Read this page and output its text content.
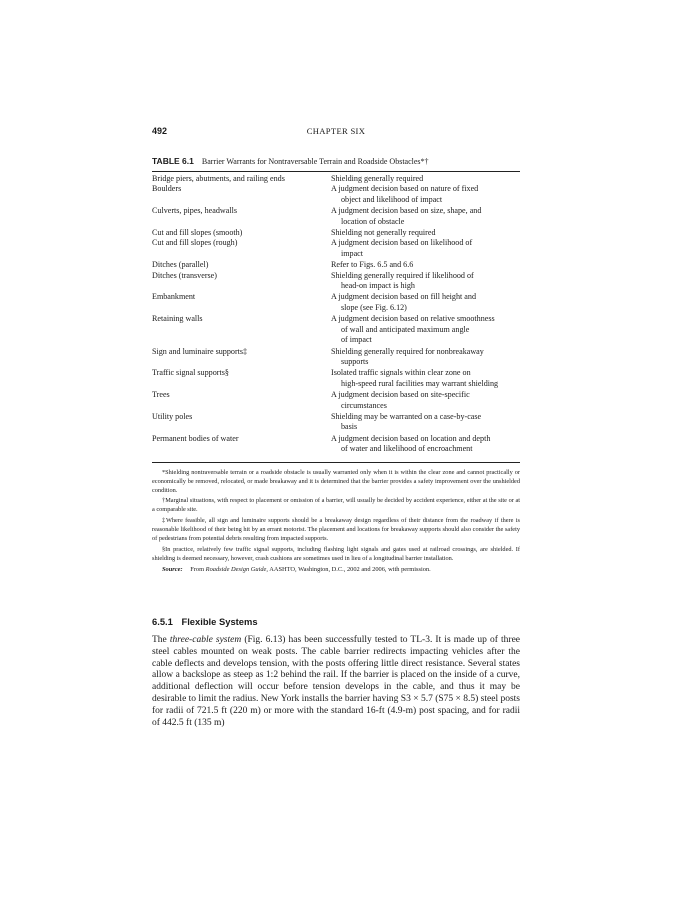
492	CHAPTER SIX
TABLE 6.1 Barrier Warrants for Nontraversable Terrain and Roadside Obstacles*†
Bridge piers, abutments, and railing ends	Shielding generally required

Boulders	A judgment decision based on nature of fixed
object and likelihood of impact

Culverts, pipes, headwalls	A judgment decision based on size, shape, and
location of obstacle

Cut and fill slopes (smooth)	Shielding not generally required

Cut and fill slopes (rough)	A judgment decision based on likelihood of
impact

Ditches (parallel)	Refer to Figs. 6.5 and 6.6

Ditches (transverse)	Shielding generally required if likelihood of
head-on impact is high

Embankment	A judgment decision based on fill height and
slope (see Fig. 6.12)

Retaining walls	A judgment decision based on relative smoothness
of wall and anticipated maximum angle
of impact

Sign and luminaire supports‡	Shielding generally required for nonbreakaway
supports

Traffic signal supports§	Isolated traffic signals within clear zone on
high-speed rural facilities may warrant shielding

Trees	A judgment decision based on site-specific
circumstances

Utility poles	Shielding may be warranted on a case-by-case
basis

Permanent bodies of water	A judgment decision based on location and depth
of water and likelihood of encroachment

*Shielding nontraversable terrain or a roadside obstacle is usually warranted only when it is within the clear zone and cannot practically or economically be removed, relocated, or made breakaway and it is determined that the barrier provides a safety improvement over the unshielded condition.

†Marginal situations, with respect to placement or omission of a barrier, will usually be decided by accident experience, either at the site or at a comparable site.

‡Where feasible, all sign and luminaire supports should be a breakaway design regardless of their distance from the roadway if there is reasonable likelihood of their being hit by an errant motorist. The placement and locations for breakaway supports should also consider the safety of pedestrians from potential debris resulting from impacted supports.

§In practice, relatively few traffic signal supports, including flashing light signals and gates used at railroad crossings, are shielded. If shielding is deemed necessary, however, crash cushions are sometimes used in lieu of a longitudinal barrier installation.

Source: From Roadside Design Guide, AASHTO, Washington, D.C., 2002 and 2006, with permission.
6.5.1 Flexible Systems
The three-cable system (Fig. 6.13) has been successfully tested to TL-3. It is made up of three steel cables mounted on weak posts. The cable barrier redirects impacting vehicles after the cable deflects and develops tension, with the posts offering little direct resistance. Several states allow a backslope as steep as 1:2 behind the rail. If the barrier is placed on the inside of a curve, additional deflection will occur before tension develops in the cable, and thus it may be desirable to limit the radius. New York installs the barrier having S3 × 5.7 (S75 × 8.5) steel posts for radii of 721.5 ft (220 m) or more with the standard 16-ft (4.9-m) post spacing, and for radii of 442.5 ft (135 m)
